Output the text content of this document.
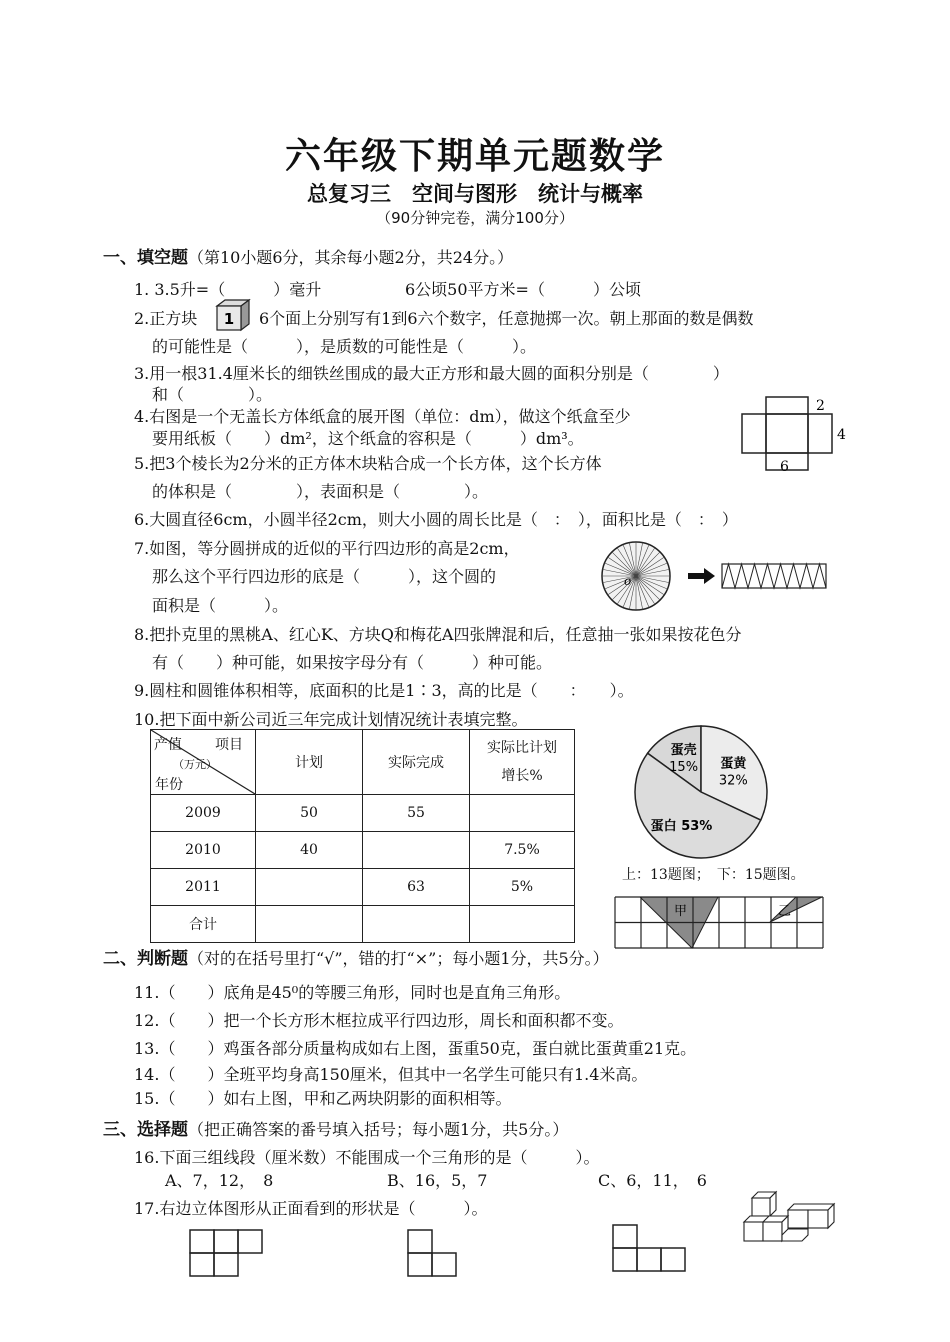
六年级下期单元题数学
总复习三　空间与图形　统计与概率
（90分钟完卷，满分100分）
一、填空题（第10小题6分，其余每小题2分，共24分。）
1. 3.5升=（　　　）毫升	6公顷50平方米=（　　　）公顷
2.正方块 1 6个面上分别写有1到6六个数字，任意抛掷一次。朝上那面的数是偶数
的可能性是（　　　），是质数的可能性是（　　　）。
3.用一根31.4厘米长的细铁丝围成的最大正方形和最大圆的面积分别是（　　　　）
和（　　　　）。
4.右图是一个无盖长方体纸盒的展开图（单位：dm），做这个纸盒至少
要用纸板（　　）dm²，这个纸盒的容积是（　　　）dm³。
2
4
6
5.把3个棱长为2分米的正方体木块粘合成一个长方体，这个长方体
的体积是（　　　　），表面积是（　　　　）。
6.大圆直径6cm，小圆半径2cm，则大小圆的周长比是（　：　），面积比是（　：　）
7.如图，等分圆拼成的近似的平行四边形的高是2cm，
那么这个平行四边形的底是（　　　），这个圆的
面积是（　　　）。
o
8.把扑克里的黑桃A、红心K、方块Q和梅花A四张牌混和后，任意抽一张如果按花色分
有（　　）种可能，如果按字母分有（　　　）种可能。
9.圆柱和圆锥体积相等，底面积的比是1∶3，高的比是（　　：　　）。
10.把下面中新公司近三年完成计划情况统计表填完整。
项目
产值
（万元）
年份	计划	实际完成	实际比计划
增长%
2009	50	55	
2010	40		7.5%
2011		63	5%
合计			
蛋壳 15% 蛋黄 32%
蛋白 53%
上：13题图；　下：15题图。
甲	乙
二、判断题（对的在括号里打“√”，错的打“×”；每小题1分，共5分。）
11.（　　）底角是45⁰的等腰三角形，同时也是直角三角形。
12.（　　）把一个长方形木框拉成平行四边形，周长和面积都不变。
13.（　　）鸡蛋各部分质量构成如右上图，蛋重50克，蛋白就比蛋黄重21克。
14.（　　）全班平均身高150厘米，但其中一名学生可能只有1.4米高。
15.（　　）如右上图，甲和乙两块阴影的面积相等。
三、选择题（把正确答案的番号填入括号；每小题1分，共5分。）
16.下面三组线段（厘米数）不能围成一个三角形的是（　　　）。
A、7，12，　8	B、16，5，7	C、6，11，　6
17.右边立体图形从正面看到的形状是（　　　）。
